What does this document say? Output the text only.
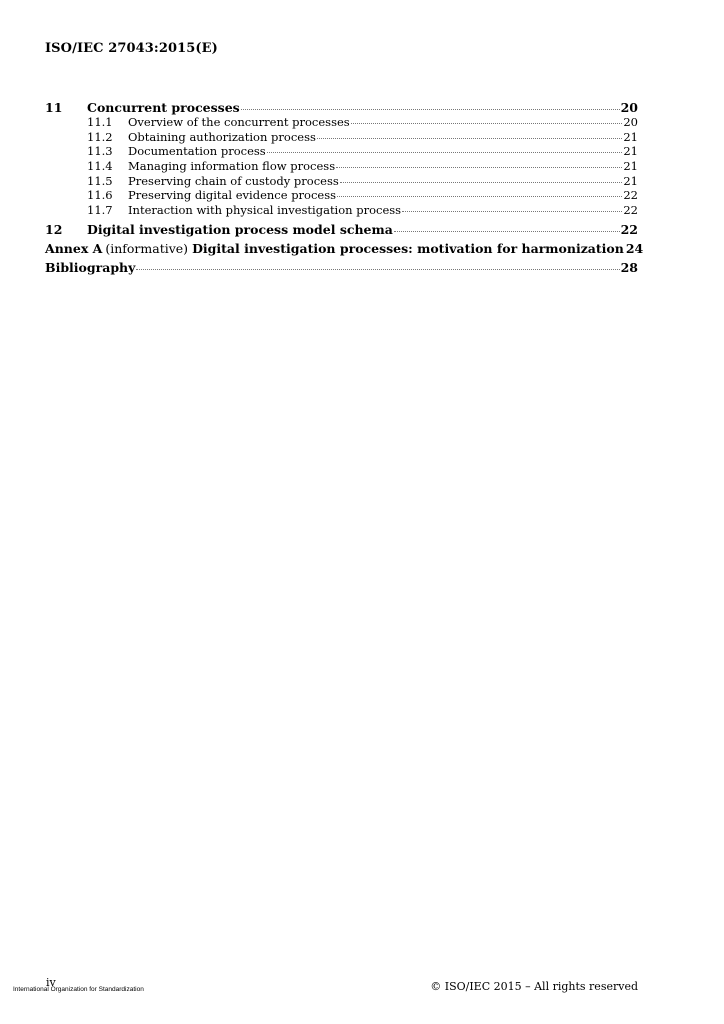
ISO/IEC 27043:2015(E)
11	Concurrent processes	20
11.1	Overview of the concurrent processes	20
11.2	Obtaining authorization process	21
11.3	Documentation process	21
11.4	Managing information flow process	21
11.5	Preserving chain of custody process	21
11.6	Preserving digital evidence process	22
11.7	Interaction with physical investigation process	22
12	Digital investigation process model schema	22
Annex A (informative) Digital investigation processes: motivation for harmonization 24
Bibliography	28
iv
International Organization for Standardization	© ISO/IEC 2015 – All rights reserved
